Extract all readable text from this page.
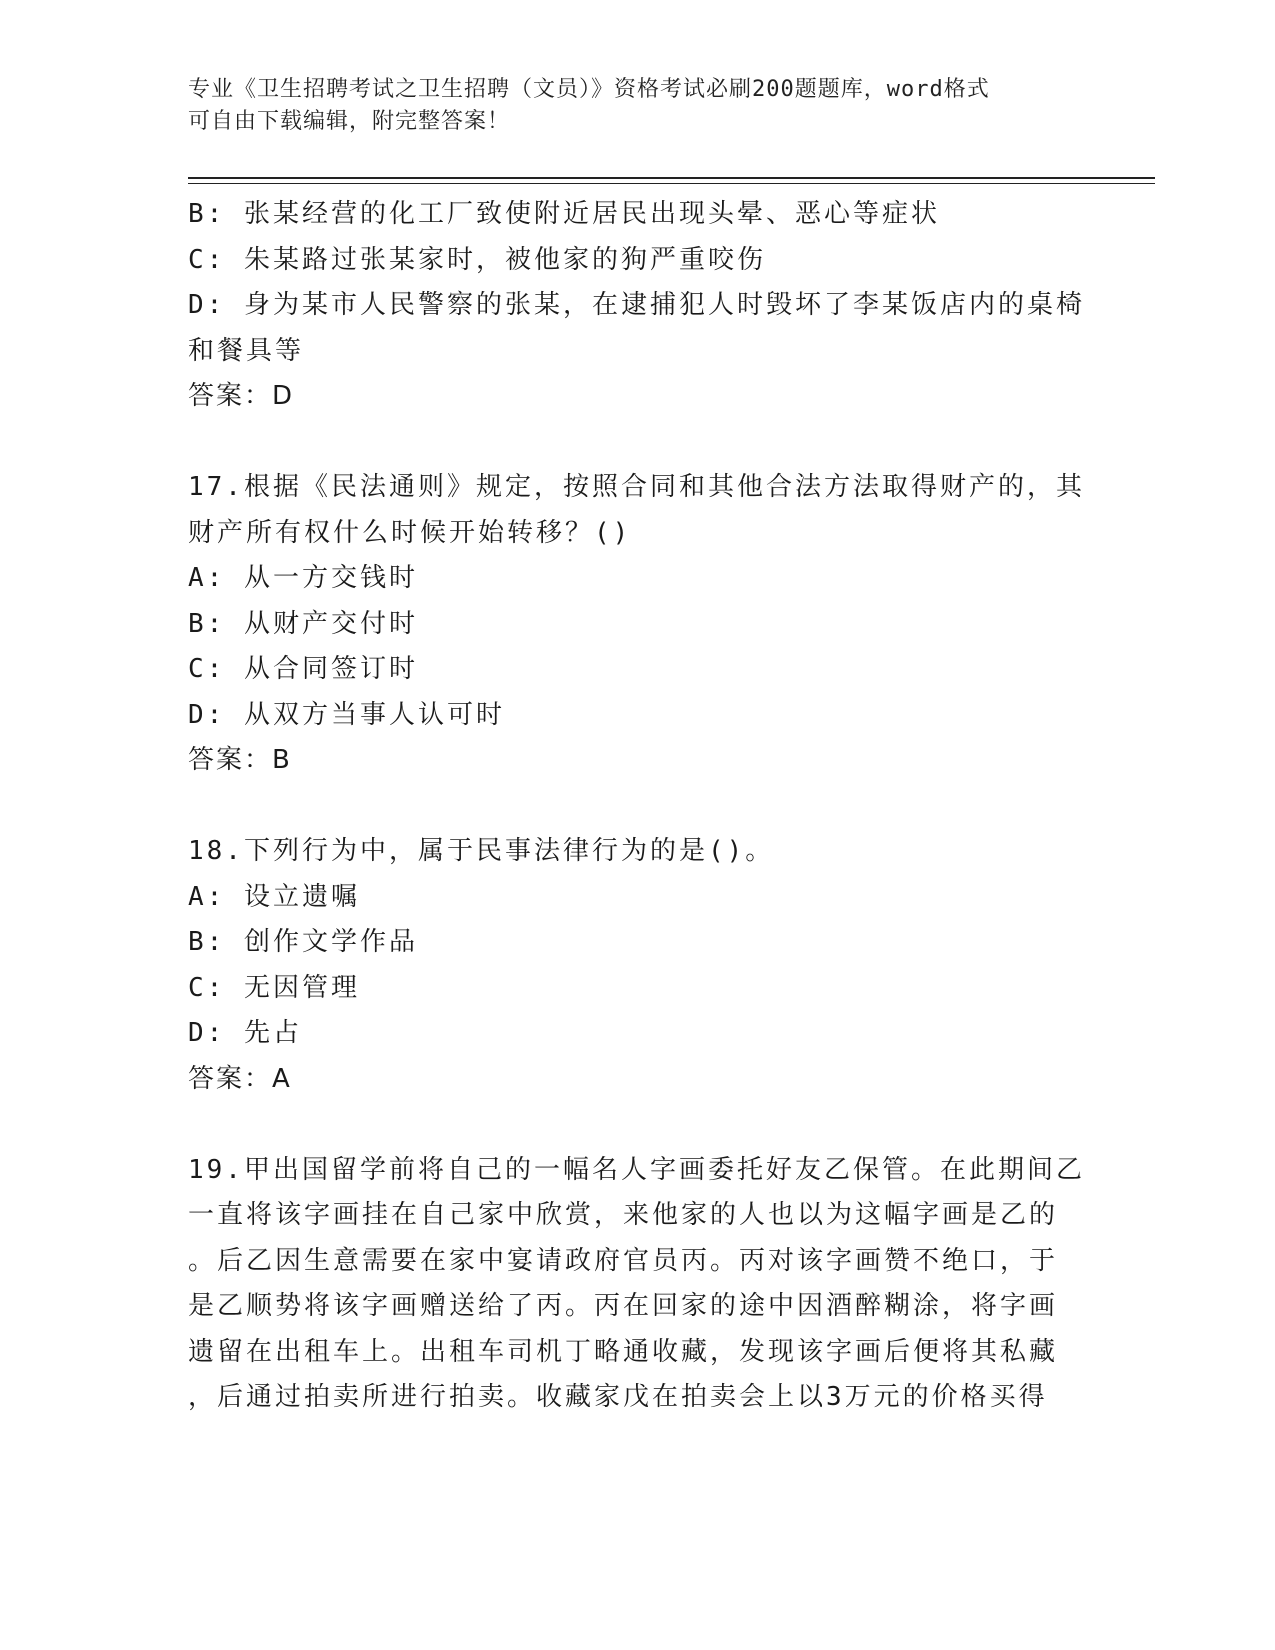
专业《卫生招聘考试之卫生招聘（文员）》资格考试必刷200题题库，word格式
可自由下载编辑，附完整答案！
B: 张某经营的化工厂致使附近居民出现头晕、恶心等症状
C: 朱某路过张某家时，被他家的狗严重咬伤
D: 身为某市人民警察的张某，在逮捕犯人时毁坏了李某饭店内的桌椅
和餐具等
答案：D
17.根据《民法通则》规定，按照合同和其他合法方法取得财产的，其
财产所有权什么时候开始转移？()
A: 从一方交钱时
B: 从财产交付时
C: 从合同签订时
D: 从双方当事人认可时
答案：B
18.下列行为中，属于民事法律行为的是()。
A: 设立遗嘱
B: 创作文学作品
C: 无因管理
D: 先占
答案：A
19.甲出国留学前将自己的一幅名人字画委托好友乙保管。在此期间乙
一直将该字画挂在自己家中欣赏，来他家的人也以为这幅字画是乙的
。后乙因生意需要在家中宴请政府官员丙。丙对该字画赞不绝口，于
是乙顺势将该字画赠送给了丙。丙在回家的途中因酒醉糊涂，将字画
遗留在出租车上。出租车司机丁略通收藏，发现该字画后便将其私藏
，后通过拍卖所进行拍卖。收藏家戊在拍卖会上以3万元的价格买得
